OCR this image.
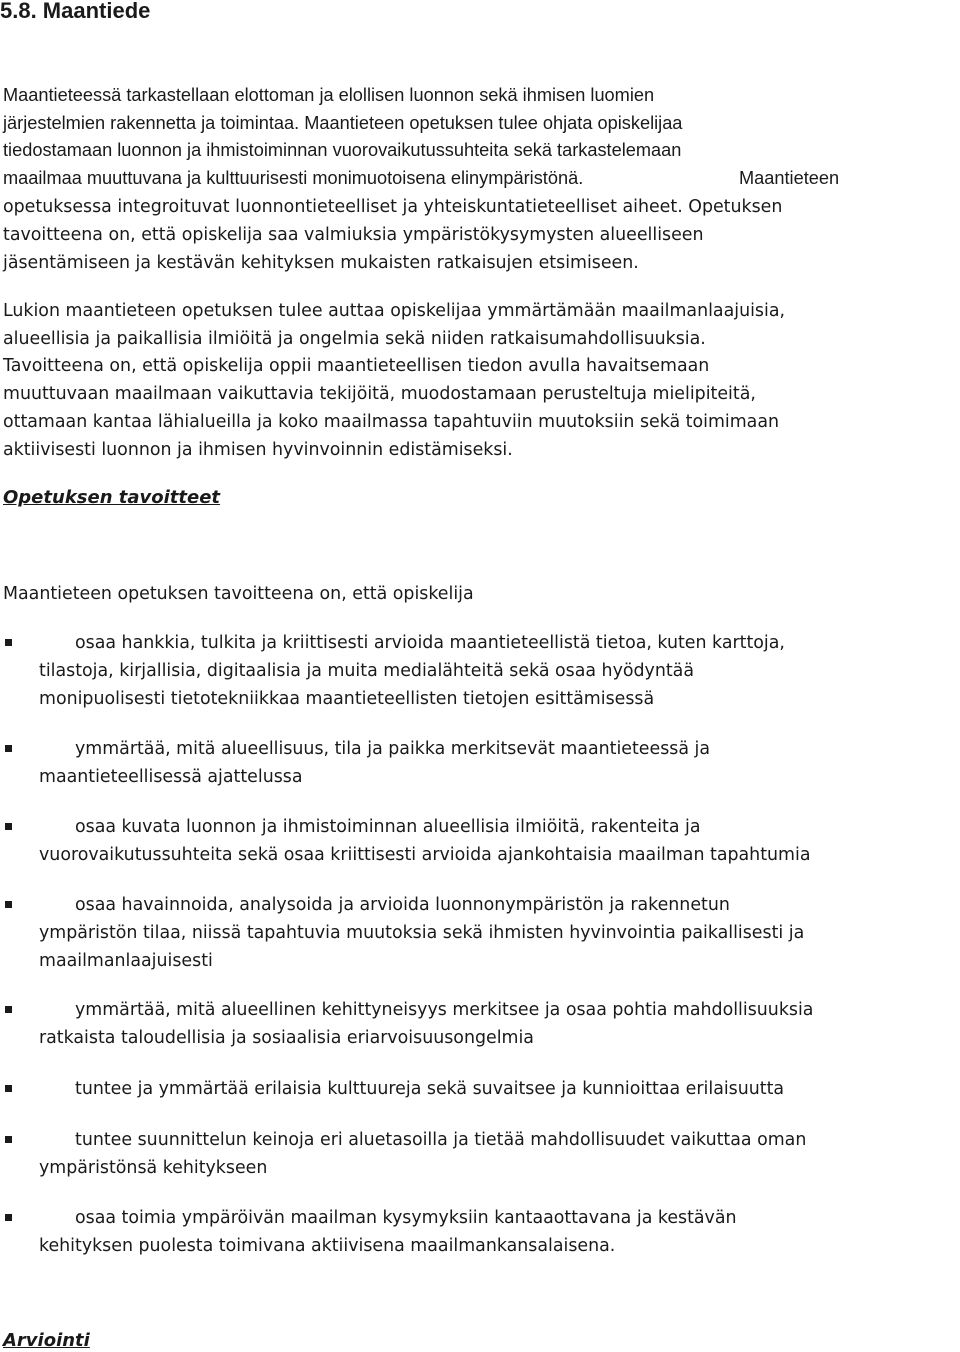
5.8. Maantiede
Maantieteessä tarkastellaan elottoman ja elollisen luonnon sekä ihmisen luomien
järjestelmien rakennetta ja toimintaa. Maantieteen opetuksen tulee ohjata opiskelijaa
tiedostamaan luonnon ja ihmistoiminnan vuorovaikutussuhteita sekä tarkastelemaan
maailmaa muuttuvana ja kulttuurisesti monimuotoisena elinympäristönä.	Maantieteen
opetuksessa integroituvat luonnontieteelliset ja yhteiskuntatieteelliset aiheet. Opetuksen
tavoitteena on, että opiskelija saa valmiuksia ympäristökysymysten alueelliseen
jäsentämiseen ja kestävän kehityksen mukaisten ratkaisujen etsimiseen.
Lukion maantieteen opetuksen tulee auttaa opiskelijaa ymmärtämään maailmanlaajuisia,
alueellisia ja paikallisia ilmiöitä ja ongelmia sekä niiden ratkaisumahdollisuuksia.
Tavoitteena on, että opiskelija oppii maantieteellisen tiedon avulla havaitsemaan
muuttuvaan maailmaan vaikuttavia tekijöitä, muodostamaan perusteltuja mielipiteitä,
ottamaan kantaa lähialueilla ja koko maailmassa tapahtuviin muutoksiin sekä toimimaan
aktiivisesti luonnon ja ihmisen hyvinvoinnin edistämiseksi.
Opetuksen tavoitteet
Maantieteen opetuksen tavoitteena on, että opiskelija
osaa hankkia, tulkita ja kriittisesti arvioida maantieteellistä tietoa, kuten karttoja,
tilastoja, kirjallisia, digitaalisia ja muita medialähteitä sekä osaa hyödyntää
monipuolisesti tietotekniikkaa maantieteellisten tietojen esittämisessä
ymmärtää, mitä alueellisuus, tila ja paikka merkitsevät maantieteessä ja
maantieteellisessä ajattelussa
osaa kuvata luonnon ja ihmistoiminnan alueellisia ilmiöitä, rakenteita ja
vuorovaikutussuhteita sekä osaa kriittisesti arvioida ajankohtaisia maailman tapahtumia
osaa havainnoida, analysoida ja arvioida luonnonympäristön ja rakennetun
ympäristön tilaa, niissä tapahtuvia muutoksia sekä ihmisten hyvinvointia paikallisesti ja
maailmanlaajuisesti
ymmärtää, mitä alueellinen kehittyneisyys merkitsee ja osaa pohtia mahdollisuuksia
ratkaista taloudellisia ja sosiaalisia eriarvoisuusongelmia
tuntee ja ymmärtää erilaisia kulttuureja sekä suvaitsee ja kunnioittaa erilaisuutta
tuntee suunnittelun keinoja eri aluetasoilla ja tietää mahdollisuudet vaikuttaa oman
ympäristönsä kehitykseen
osaa toimia ympäröivän maailman kysymyksiin kantaaottavana ja kestävän
kehityksen puolesta toimivana aktiivisena maailmankansalaisena.
Arviointi
